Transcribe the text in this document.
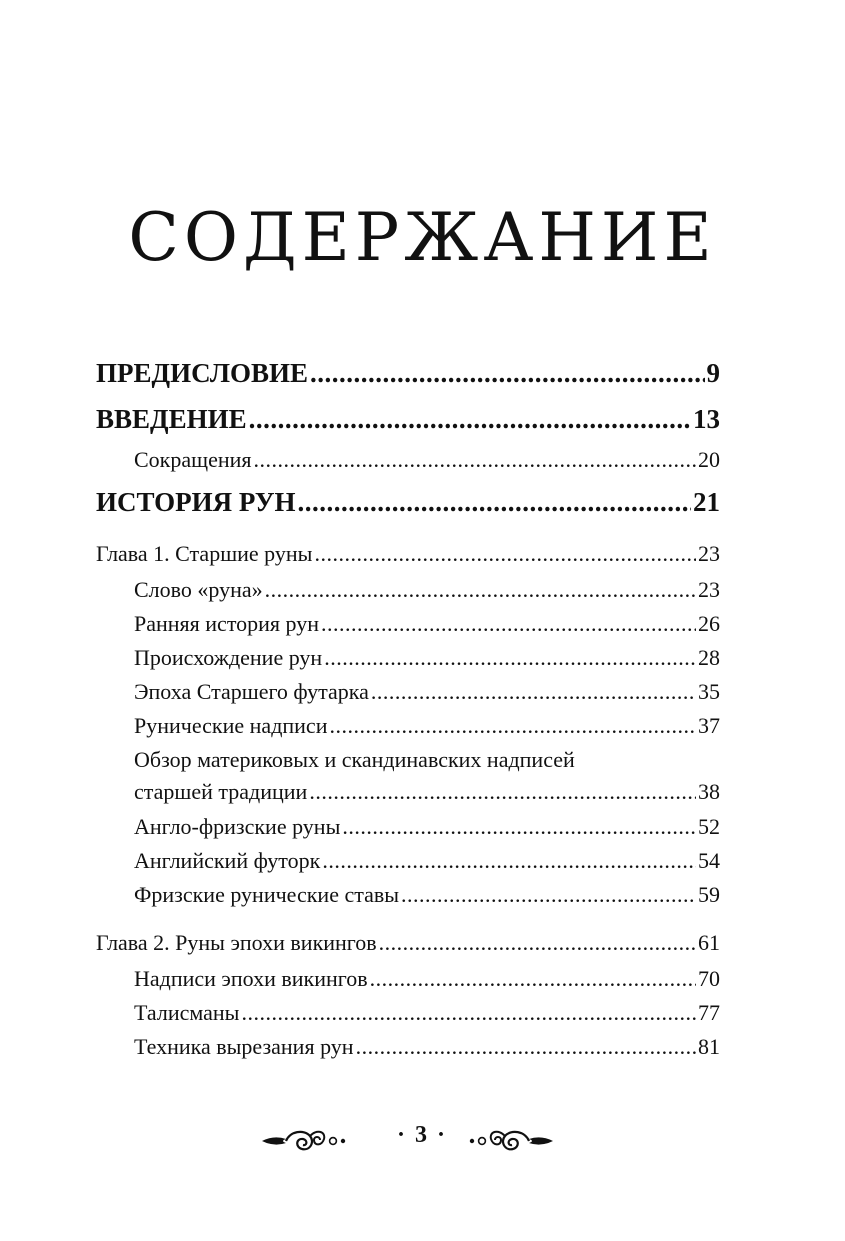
СОДЕРЖАНИЕ
ПРЕДИСЛОВИЕ .....	9
ВВЕДЕНИЕ .....	13
Сокращения .....	20
ИСТОРИЯ РУН .....	21
Глава 1. Старшие руны .....	23
Слово «руна» .....	23
Ранняя история рун .....	26
Происхождение рун .....	28
Эпоха Старшего футарка .....	35
Рунические надписи .....	37
Обзор материковых и скандинавских надписей
старшей традиции .....	38
Англо-фризские руны .....	52
Английский футорк .....	54
Фризские рунические ставы .....	59
Глава 2. Руны эпохи викингов .....	61
Надписи эпохи викингов .....	70
Талисманы .....	77
Техника вырезания рун .....	81
· 3 ·
